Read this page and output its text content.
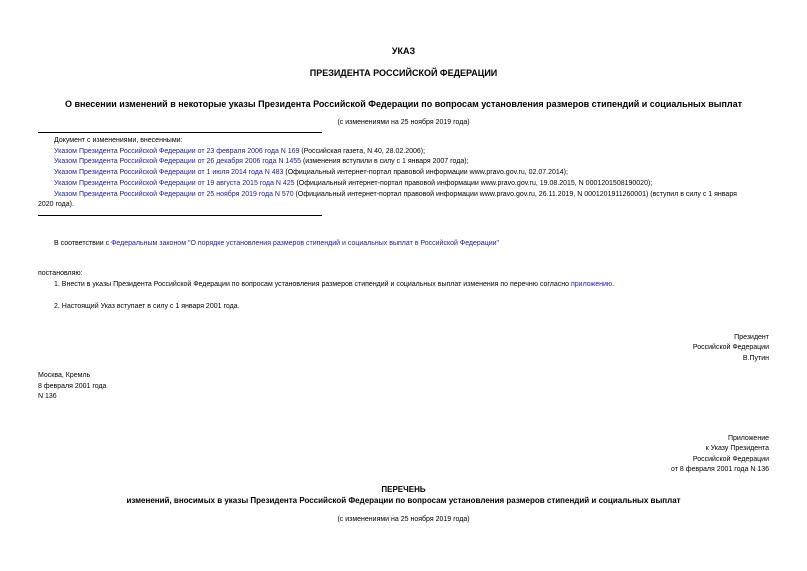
УКАЗ
ПРЕЗИДЕНТА РОССИЙСКОЙ ФЕДЕРАЦИИ
О внесении изменений в некоторые указы Президента Российской Федерации по вопросам установления размеров стипендий и социальных выплат
(с изменениями на 25 ноября 2019 года)
Документ с изменениями, внесенными:
Указом Президента Российской Федерации от 23 февраля 2006 года N 169 (Российская газета, N 40, 28.02.2006);
Указом Президента Российской Федерации от 26 декабря 2006 года N 1455 (изменения вступили в силу с 1 января 2007 года);
Указом Президента Российской Федерации от 1 июля 2014 года N 483 (Официальный интернет-портал правовой информации www.pravo.gov.ru, 02.07.2014);
Указом Президента Российской Федерации от 19 августа 2015 года N 425 (Официальный интернет-портал правовой информации www.pravo.gov.ru, 19.08.2015, N 0001201508190020);
Указом Президента Российской Федерации от 25 ноября 2019 года N 570 (Официальный интернет-портал правовой информации www.pravo.gov.ru, 26.11.2019, N 0001201911260001) (вступил в силу с 1 января
2020 года).
В соответствии с Федеральным законом "О порядке установления размеров стипендий и социальных выплат в Российской Федерации"
постановляю:
1. Внести в указы Президента Российской Федерации по вопросам установления размеров стипендий и социальных выплат изменения по перечню согласно приложению.
2. Настоящий Указ вступает в силу с 1 января 2001 года.
Президент
Российской Федерации
В.Путин
Москва, Кремль
8 февраля 2001 года
N 136
Приложение
к Указу Президента
Российской Федерации
от 8 февраля 2001 года N 136
ПЕРЕЧЕНЬ
изменений, вносимых в указы Президента Российской Федерации по вопросам установления размеров стипендий и социальных выплат
(с изменениями на 25 ноября 2019 года)
